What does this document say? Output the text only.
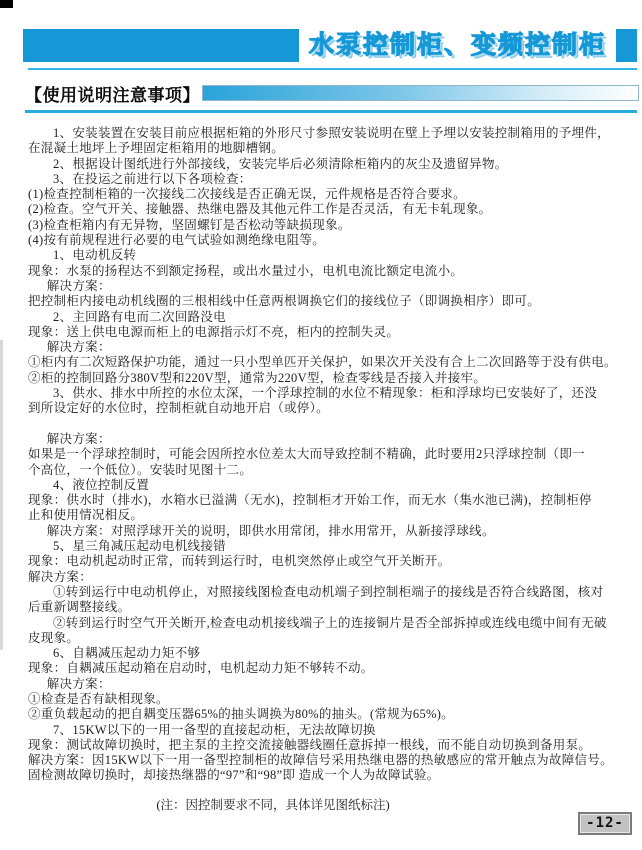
水泵控制柜、变频控制柜
【使用说明注意事项】
1、安装装置在安装目前应根据柜箱的外形尺寸参照安装说明在壁上予埋以安装控制箱用的予埋件，
在混凝土地坪上予埋固定柜箱用的地脚槽钢。
2、根据设计图纸进行外部接线，安装完毕后必须清除柜箱内的灰尘及遗留异物。
3、在投运之前进行以下各项检查：
(1)检查控制柜箱的一次接线二次接线是否正确无误，元件规格是否符合要求。
(2)检查。空气开关、接触器、热继电器及其他元件工作是否灵活，有无卡轧现象。
(3)检查柜箱内有无异物，坚固螺钉是否松动等缺损现象。
(4)按有前规程进行必要的电气试验如测绝缘电阻等。
1、电动机反转
现象：水泵的扬程达不到额定扬程，或出水量过小，电机电流比额定电流小。
解决方案：
把控制柜内接电动机线圈的三根相线中任意两根调换它们的接线位子（即调换相序）即可。
2、主回路有电而二次回路没电
现象：送上供电电源而柜上的电源指示灯不亮，柜内的控制失灵。
解决方案：
①柜内有二次短路保护功能，通过一只小型单匹开关保护，如果次开关没有合上二次回路等于没有供电。
②柜的控制回路分380V型和220V型，通常为220V型，检查零线是否接入并接牢。
3、供水、排水中所控的水位太深，一个浮球控制的水位不精现象：柜和浮球均已安装好了，还没
到所设定好的水位时，控制柜就自动地开启（或停）。

解决方案：
如果是一个浮球控制时，可能会因所控水位差太大而导致控制不精确，此时要用2只浮球控制（即一
个高位，一个低位）。安装时见图十二。
4、液位控制反置
现象：供水时（排水)，水箱水已溢满（无水)，控制柜才开始工作，而无水（集水池已满)，控制柜停
止和使用情况相反。
解决方案：对照浮球开关的说明，即供水用常闭，排水用常开，从新接浮球线。
5、星三角减压起动电机线接错
现象：电动机起动时正常，而转到运行时，电机突然停止或空气开关断开。
解决方案：
①转到运行中电动机停止，对照接线图检查电动机端子到控制柜端子的接线是否符合线路图，核对
后重新调整接线。
②转到运行时空气开关断开,检查电动机接线端子上的连接铜片是否全部拆掉或连线电缆中间有无破
皮现象。
6、自耦减压起动力矩不够
现象：自耦减压起动箱在启动时，电机起动力矩不够转不动。
解决方案：
①检查是否有缺相现象。
②重负载起动的把自耦变压器65%的抽头调换为80%的抽头。(常规为65%)。
7、15KW以下的一用一备型的直接起动柜，无法故障切换
现象：测试故障切换时，把主泵的主控交流接触器线圈任意拆掉一根线，而不能自动切换到备用泵。
解决方案：因15KW以下一用一备型控制柜的故障信号采用热继电器的热敏感应的常开触点为故障信号。
固检测故障切换时，却接热继器的“97”和“98”即 造成一个人为故障试验。
(注：因控制要求不同，具体详见图纸标注)
-12-
